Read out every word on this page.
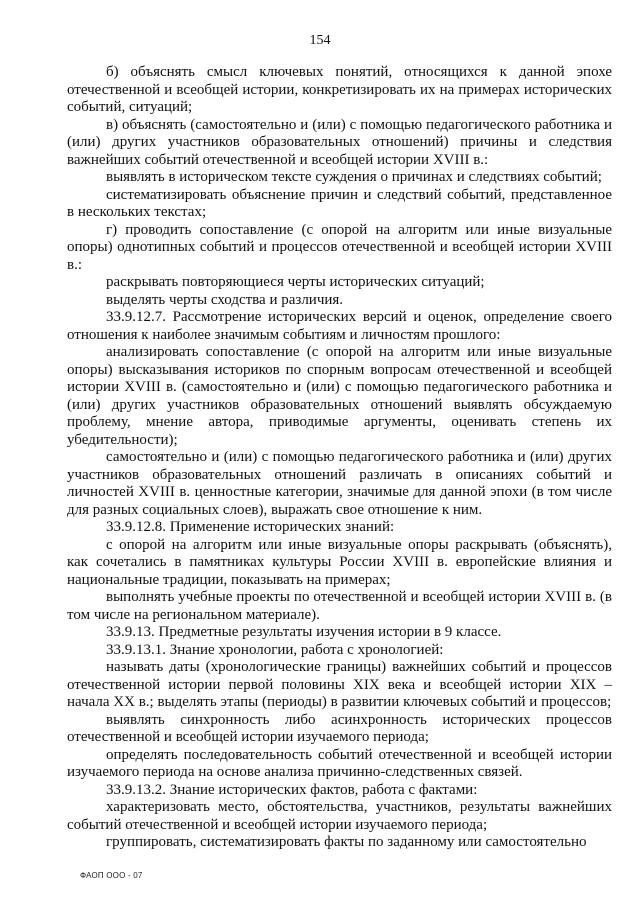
154

б) объяснять смысл ключевых понятий, относящихся к данной эпохе отечественной и всеобщей истории, конкретизировать их на примерах исторических событий, ситуаций;

в) объяснять (самостоятельно и (или) с помощью педагогического работника и (или) других участников образовательных отношений) причины и следствия важнейших событий отечественной и всеобщей истории XVIII в.:

выявлять в историческом тексте суждения о причинах и следствиях событий;

систематизировать объяснение причин и следствий событий, представленное в нескольких текстах;

г) проводить сопоставление (с опорой на алгоритм или иные визуальные опоры) однотипных событий и процессов отечественной и всеобщей истории XVIII в.:

раскрывать повторяющиеся черты исторических ситуаций;

выделять черты сходства и различия.

33.9.12.7. Рассмотрение исторических версий и оценок, определение своего отношения к наиболее значимым событиям и личностям прошлого:

анализировать сопоставление (с опорой на алгоритм или иные визуальные опоры) высказывания историков по спорным вопросам отечественной и всеобщей истории XVIII в. (самостоятельно и (или) с помощью педагогического работника и (или) других участников образовательных отношений выявлять обсуждаемую проблему, мнение автора, приводимые аргументы, оценивать степень их убедительности);

самостоятельно и (или) с помощью педагогического работника и (или) других участников образовательных отношений различать в описаниях событий и личностей XVIII в. ценностные категории, значимые для данной эпохи (в том числе для разных социальных слоев), выражать свое отношение к ним.

33.9.12.8. Применение исторических знаний:

с опорой на алгоритм или иные визуальные опоры раскрывать (объяснять), как сочетались в памятниках культуры России XVIII в. европейские влияния и национальные традиции, показывать на примерах;

выполнять учебные проекты по отечественной и всеобщей истории XVIII в. (в том числе на региональном материале).

33.9.13. Предметные результаты изучения истории в 9 классе.

33.9.13.1. Знание хронологии, работа с хронологией:

называть даты (хронологические границы) важнейших событий и процессов отечественной истории первой половины XIX века и всеобщей истории XIX – начала XX в.; выделять этапы (периоды) в развитии ключевых событий и процессов;

выявлять синхронность либо асинхронность исторических процессов отечественной и всеобщей истории изучаемого периода;

определять последовательность событий отечественной и всеобщей истории изучаемого периода на основе анализа причинно-следственных связей.

33.9.13.2. Знание исторических фактов, работа с фактами:

характеризовать место, обстоятельства, участников, результаты важнейших событий отечественной и всеобщей истории изучаемого периода;

группировать, систематизировать факты по заданному или самостоятельно

ФАОП ООО - 07
